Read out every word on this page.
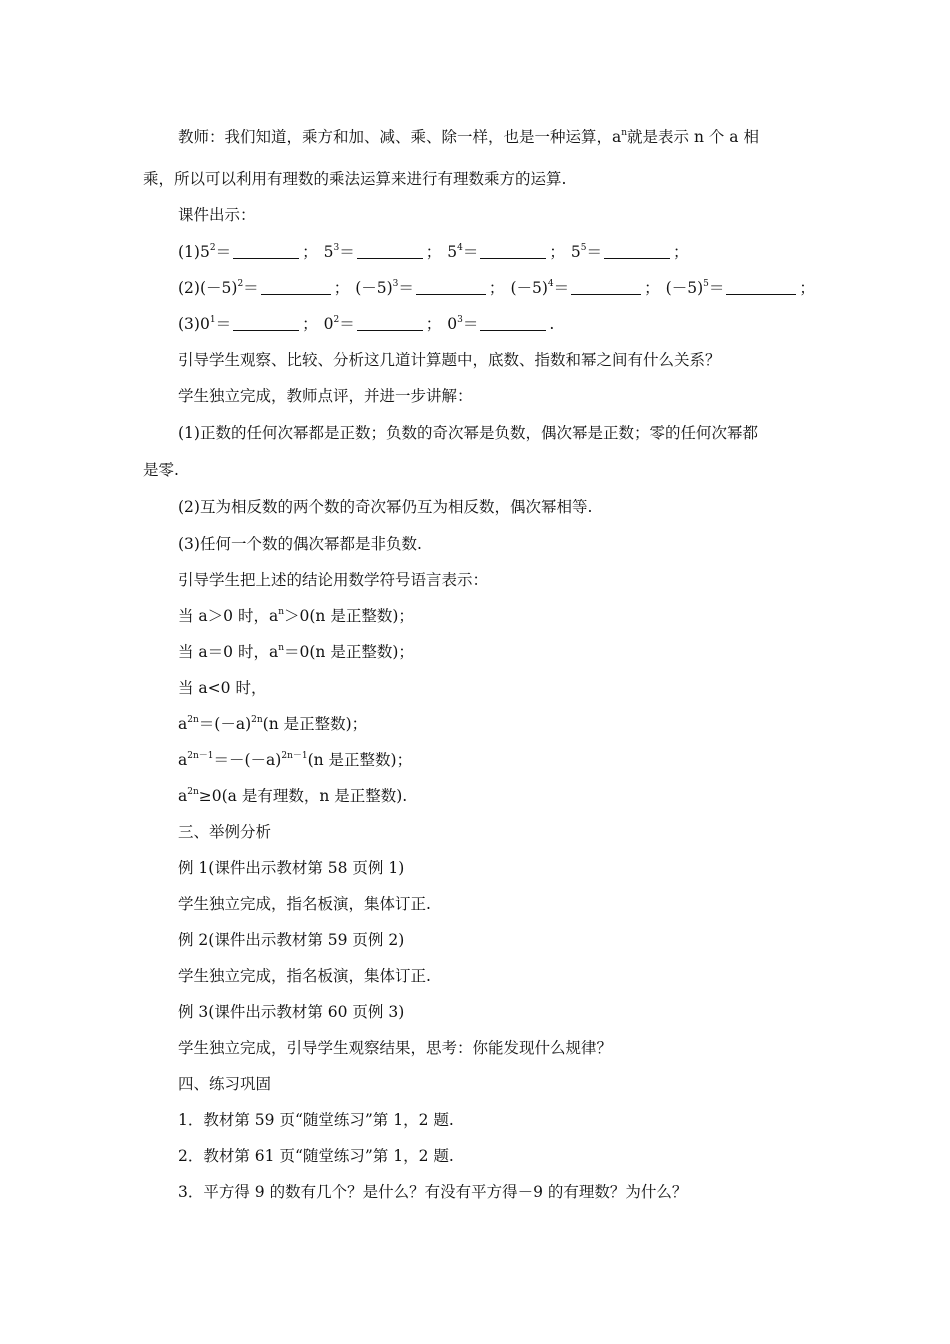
教师：我们知道，乘方和加、减、乘、除一样，也是一种运算，$a^n$就是表示 n 个 a 相
乘，所以可以利用有理数的乘法运算来进行有理数乘方的运算.
课件出示：
$(1)5^2=$	； $5^3=$	； $5^4=$	； $5^5=$	；
$(2)(-5)^2=$	； $(-5)^3=$	； $(-5)^4=$	； $(-5)^5=$	；
$(3)0^1=$	； $0^2=$	； $0^3=$	.
引导学生观察、比较、分析这几道计算题中，底数、指数和幂之间有什么关系？
学生独立完成，教师点评，并进一步讲解：
(1)正数的任何次幂都是正数；负数的奇次幂是负数，偶次幂是正数；零的任何次幂都
是零.
(2)互为相反数的两个数的奇次幂仍互为相反数，偶次幂相等.
(3)任何一个数的偶次幂都是非负数.
引导学生把上述的结论用数学符号语言表示：
当 a＞0 时，$a^n>0(n$ 是正整数)；
当 a＝0 时，$a^n=0(n$ 是正整数)；
当 a<0 时，
$a^{2n}=(-a)^{2n}(n$ 是正整数)；
$a^{2n-1}=-(-a)^{2n-1}(n$ 是正整数)；
$a^{2n}\ge 0(a$ 是有理数，n 是正整数).
三、举例分析
例 1(课件出示教材第 58 页例 1)
学生独立完成，指名板演，集体订正.
例 2(课件出示教材第 59 页例 2)
学生独立完成，指名板演，集体订正.
例 3(课件出示教材第 60 页例 3)
学生独立完成，引导学生观察结果，思考：你能发现什么规律？
四、练习巩固
1．教材第 59 页“随堂练习”第 1，2 题.
2．教材第 61 页“随堂练习”第 1，2 题.
3．平方得 9 的数有几个？是什么？有没有平方得－9 的有理数？为什么？
